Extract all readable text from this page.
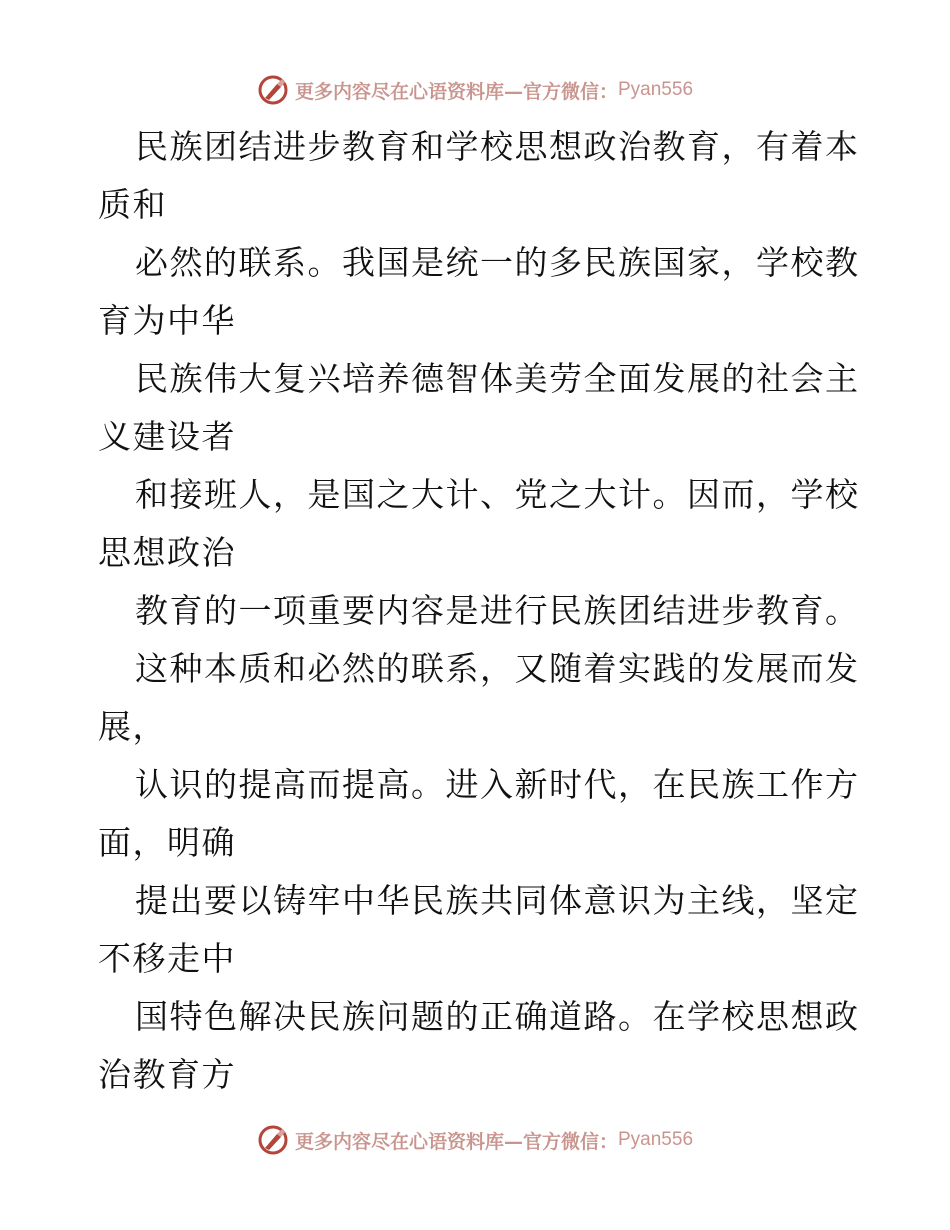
更多内容尽在心语资料库—官方微信： Pyan556
民族团结进步教育和学校思想政治教育，有着本
质和
必然的联系。我国是统一的多民族国家，学校教
育为中华
民族伟大复兴培养德智体美劳全面发展的社会主
义建设者
和接班人，是国之大计、党之大计。因而，学校
思想政治
教育的一项重要内容是进行民族团结进步教育。
这种本质和必然的联系，又随着实践的发展而发
展，
认识的提高而提高。进入新时代，在民族工作方
面，明确
提出要以铸牢中华民族共同体意识为主线，坚定
不移走中
国特色解决民族问题的正确道路。在学校思想政
治教育方
更多内容尽在心语资料库—官方微信： Pyan556
